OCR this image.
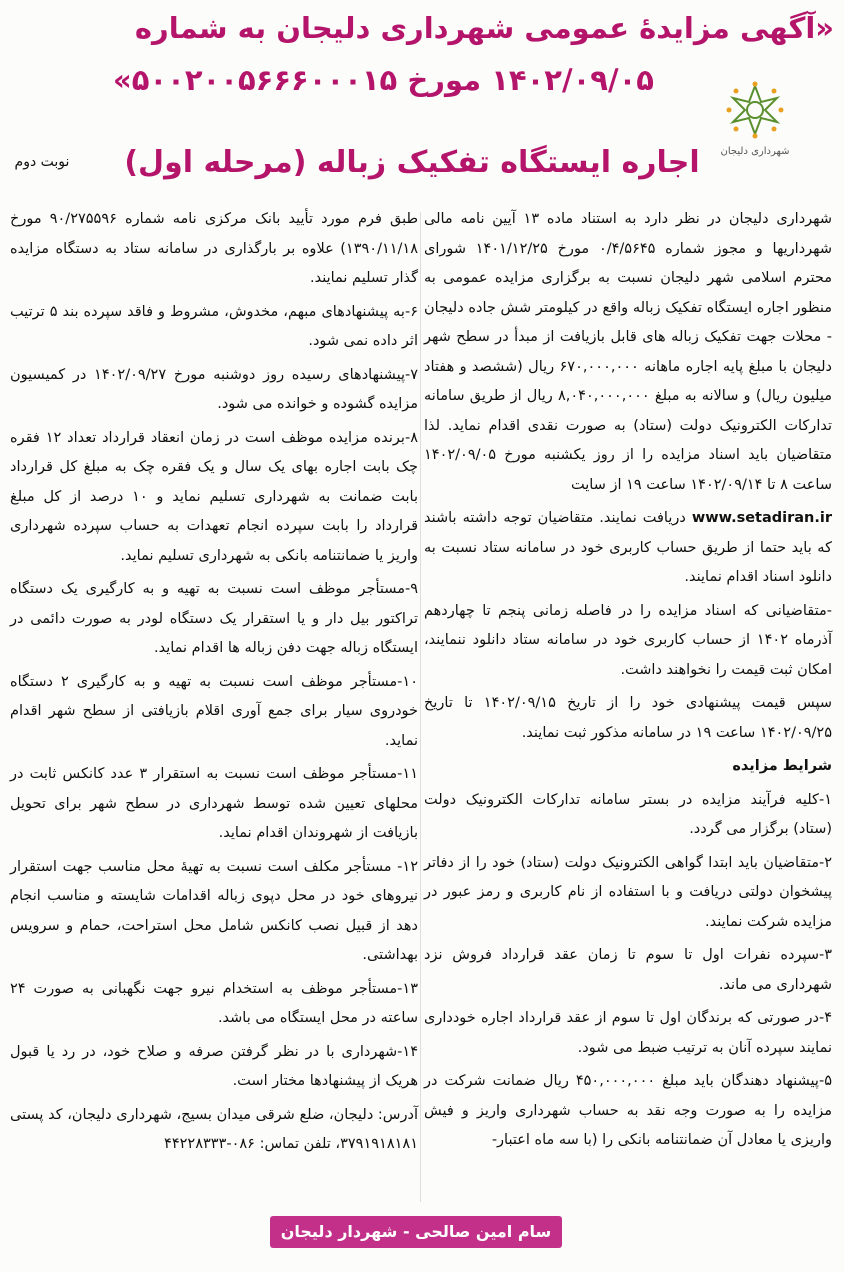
«آگهی مزایدۀ عمومی شهرداری دلیجان به شماره
۱۴۰۲/۰۹/۰۵ مورخ ۵۰۰۲۰۰۵۶۶۶۰۰۰۱۵»
شهرداری دلیجان
اجاره ایستگاه تفکیک زباله (مرحله اول)
نوبت دوم

شهرداری دلیجان در نظر دارد به استناد ماده ۱۳ آیین نامه مالی شهرداریها و مجوز شماره ۰/۴/۵۶۴۵ مورخ ۱۴۰۱/۱۲/۲۵ شورای محترم اسلامی شهر دلیجان نسبت به برگزاری مزایده عمومی به منظور اجاره ایستگاه تفکیک زباله واقع در کیلومتر شش جاده دلیجان - محلات جهت تفکیک زباله های قابل بازیافت از مبدأ در سطح شهر دلیجان با مبلغ پایه اجاره ماهانه ۶۷۰,۰۰۰,۰۰۰ ریال (ششصد و هفتاد میلیون ریال) و سالانه به مبلغ ۸,۰۴۰,۰۰۰,۰۰۰ ریال از طریق سامانه تدارکات الکترونیک دولت (ستاد) به صورت نقدی اقدام نماید. لذا متقاضیان باید اسناد مزایده را از روز یکشنبه مورخ ۱۴۰۲/۰۹/۰۵ ساعت ۸ تا ۱۴۰۲/۰۹/۱۴ ساعت ۱۹ از سایت

www.setadiran.ir دریافت نمایند. متقاضیان توجه داشته باشند که باید حتما از طریق حساب کاربری خود در سامانه ستاد نسبت به دانلود اسناد اقدام نمایند.

-متقاضیانی که اسناد مزایده را در فاصله زمانی پنجم تا چهاردهم آذرماه ۱۴۰۲ از حساب کاربری خود در سامانه ستاد دانلود ننمایند، امکان ثبت قیمت را نخواهند داشت.

سپس قیمت پیشنهادی خود را از تاریخ ۱۴۰۲/۰۹/۱۵ تا تاریخ ۱۴۰۲/۰۹/۲۵ ساعت ۱۹ در سامانه مذکور ثبت نمایند.

شرایط مزایده

۱-کلیه فرآیند مزایده در بستر سامانه تدارکات الکترونیک دولت (ستاد) برگزار می گردد.

۲-متقاضیان باید ابتدا گواهی الکترونیک دولت (ستاد) خود را از دفاتر پیشخوان دولتی دریافت و با استفاده از نام کاربری و رمز عبور در مزایده شرکت نمایند.

۳-سپرده نفرات اول تا سوم تا زمان عقد قرارداد فروش نزد شهرداری می ماند.

۴-در صورتی که برندگان اول تا سوم از عقد قرارداد اجاره خودداری نمایند سپرده آنان به ترتیب ضبط می شود.

۵-پیشنهاد دهندگان باید مبلغ ۴۵۰,۰۰۰,۰۰۰ ریال ضمانت شرکت در مزایده را به صورت وجه نقد به حساب شهرداری واریز و فیش واریزی یا معادل آن ضمانتنامه بانکی را (با سه ماه اعتبار-

طبق فرم مورد تأیید بانک مرکزی نامه شماره ۹۰/۲۷۵۵۹۶ مورخ ۱۳۹۰/۱۱/۱۸) علاوه بر بارگذاری در سامانه ستاد به دستگاه مزایده گذار تسلیم نمایند.

۶-به پیشنهادهای مبهم، مخدوش، مشروط و فاقد سپرده بند ۵ ترتیب اثر داده نمی شود.

۷-پیشنهادهای رسیده روز دوشنبه مورخ ۱۴۰۲/۰۹/۲۷ در کمیسیون مزایده گشوده و خوانده می شود.

۸-برنده مزایده موظف است در زمان انعقاد قرارداد تعداد ۱۲ فقره چک بابت اجاره بهای یک سال و یک فقره چک به مبلغ کل قرارداد بابت ضمانت به شهرداری تسلیم نماید و ۱۰ درصد از کل مبلغ قرارداد را بابت سپرده انجام تعهدات به حساب سپرده شهرداری واریز یا ضمانتنامه بانکی به شهرداری تسلیم نماید.

۹-مستأجر موظف است نسبت به تهیه و به کارگیری یک دستگاه تراکتور بیل دار و یا استقرار یک دستگاه لودر به صورت دائمی در ایستگاه زباله جهت دفن زباله ها اقدام نماید.

۱۰-مستأجر موظف است نسبت به تهیه و به کارگیری ۲ دستگاه خودروی سیار برای جمع آوری اقلام بازیافتی از سطح شهر اقدام نماید.

۱۱-مستأجر موظف است نسبت به استقرار ۳ عدد کانکس ثابت در محلهای تعیین شده توسط شهرداری در سطح شهر برای تحویل بازیافت از شهروندان اقدام نماید.

۱۲- مستأجر مکلف است نسبت به تهیۀ محل مناسب جهت استقرار نیروهای خود در محل دپوی زباله اقدامات شایسته و مناسب انجام دهد از قبیل نصب کانکس شامل محل استراحت، حمام و سرویس بهداشتی.

۱۳-مستأجر موظف به استخدام نیرو جهت نگهبانی به صورت ۲۴ ساعته در محل ایستگاه می باشد.

۱۴-شهرداری با در نظر گرفتن صرفه و صلاح خود، در رد یا قبول هریک از پیشنهادها مختار است.

آدرس: دلیجان، ضلع شرقی میدان بسیج، شهرداری دلیجان، کد پستی ۳۷۹۱۹۱۸۱۸۱، تلفن تماس: ۰۸۶-۴۴۲۲۸۳۳۳

سام امین صالحی - شهردار دلیجان
